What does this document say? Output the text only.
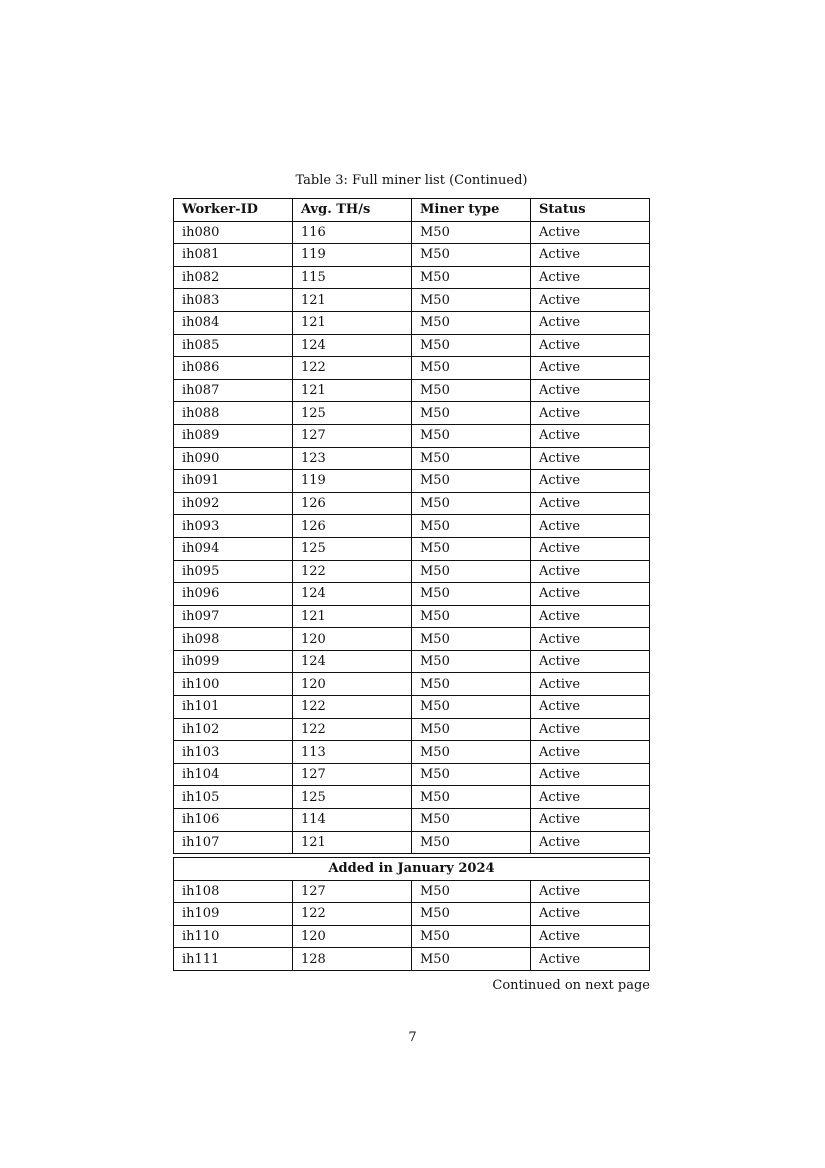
Table 3: Full miner list (Continued)
Worker-ID	Avg. TH/s	Miner type	Status
ih080	116	M50	Active
ih081	119	M50	Active
ih082	115	M50	Active
ih083	121	M50	Active
ih084	121	M50	Active
ih085	124	M50	Active
ih086	122	M50	Active
ih087	121	M50	Active
ih088	125	M50	Active
ih089	127	M50	Active
ih090	123	M50	Active
ih091	119	M50	Active
ih092	126	M50	Active
ih093	126	M50	Active
ih094	125	M50	Active
ih095	122	M50	Active
ih096	124	M50	Active
ih097	121	M50	Active
ih098	120	M50	Active
ih099	124	M50	Active
ih100	120	M50	Active
ih101	122	M50	Active
ih102	122	M50	Active
ih103	113	M50	Active
ih104	127	M50	Active
ih105	125	M50	Active
ih106	114	M50	Active
ih107	121	M50	Active
Added in January 2024			
ih108	127	M50	Active
ih109	122	M50	Active
ih110	120	M50	Active
ih111	128	M50	Active
Continued on next page
7
